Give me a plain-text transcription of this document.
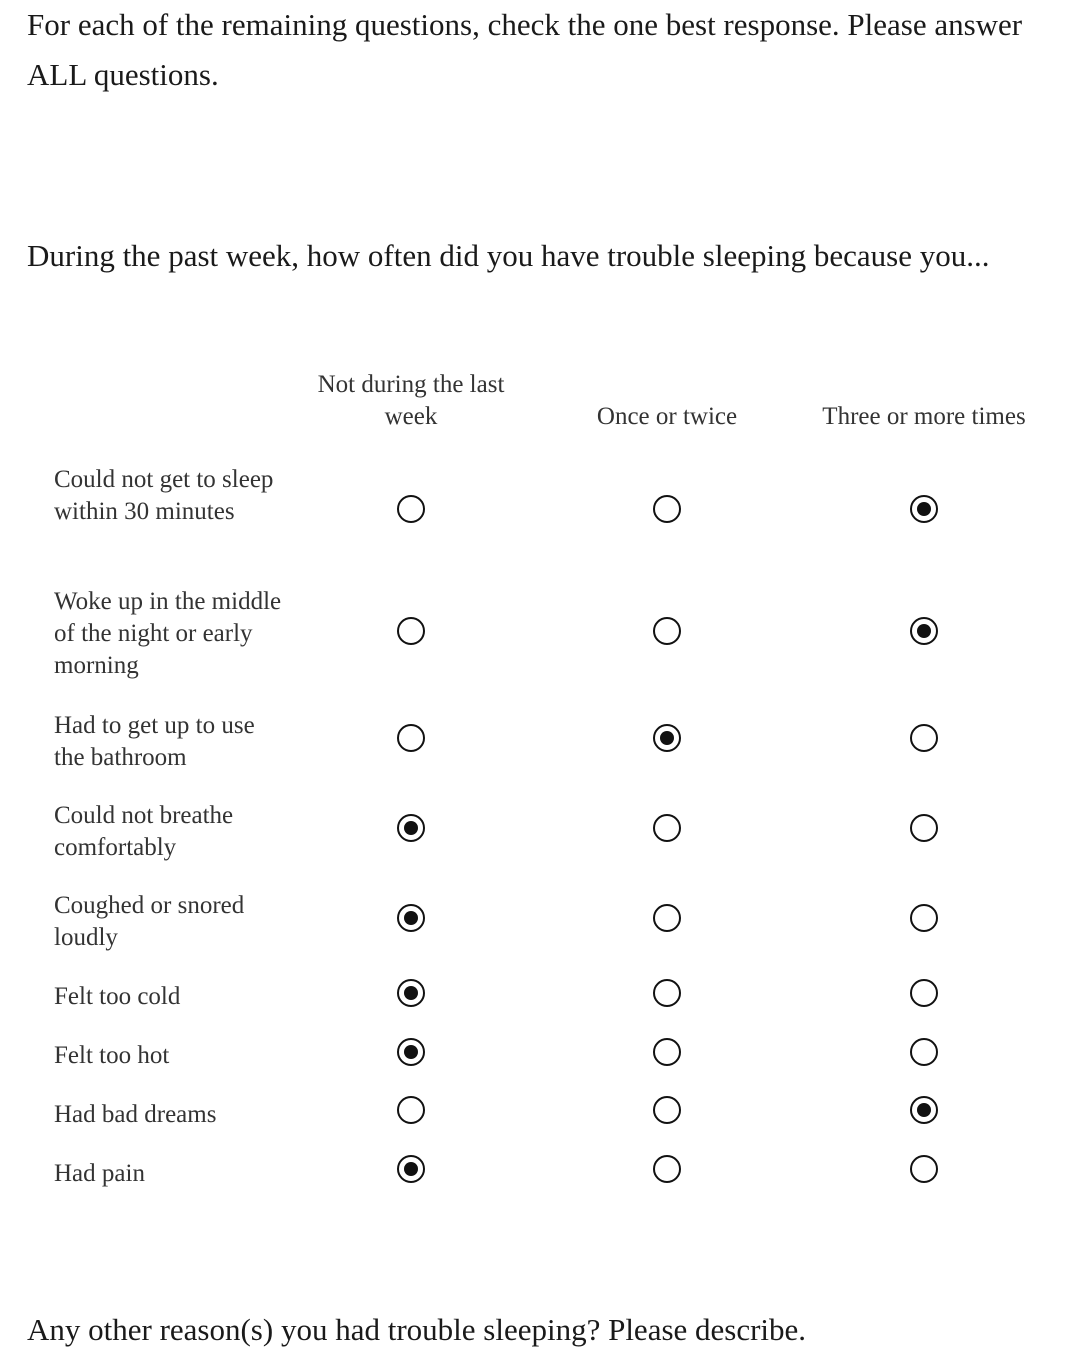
For each of the remaining questions, check the one best response. Please answer ALL questions.

During the past week, how often did you have trouble sleeping because you...

Not during the last week	Once or twice	Three or more times
Could not get to sleep within 30 minutes
Woke up in the middle of the night or early morning
Had to get up to use the bathroom
Could not breathe comfortably
Coughed or snored loudly
Felt too cold
Felt too hot
Had bad dreams
Had pain

Any other reason(s) you had trouble sleeping? Please describe.
